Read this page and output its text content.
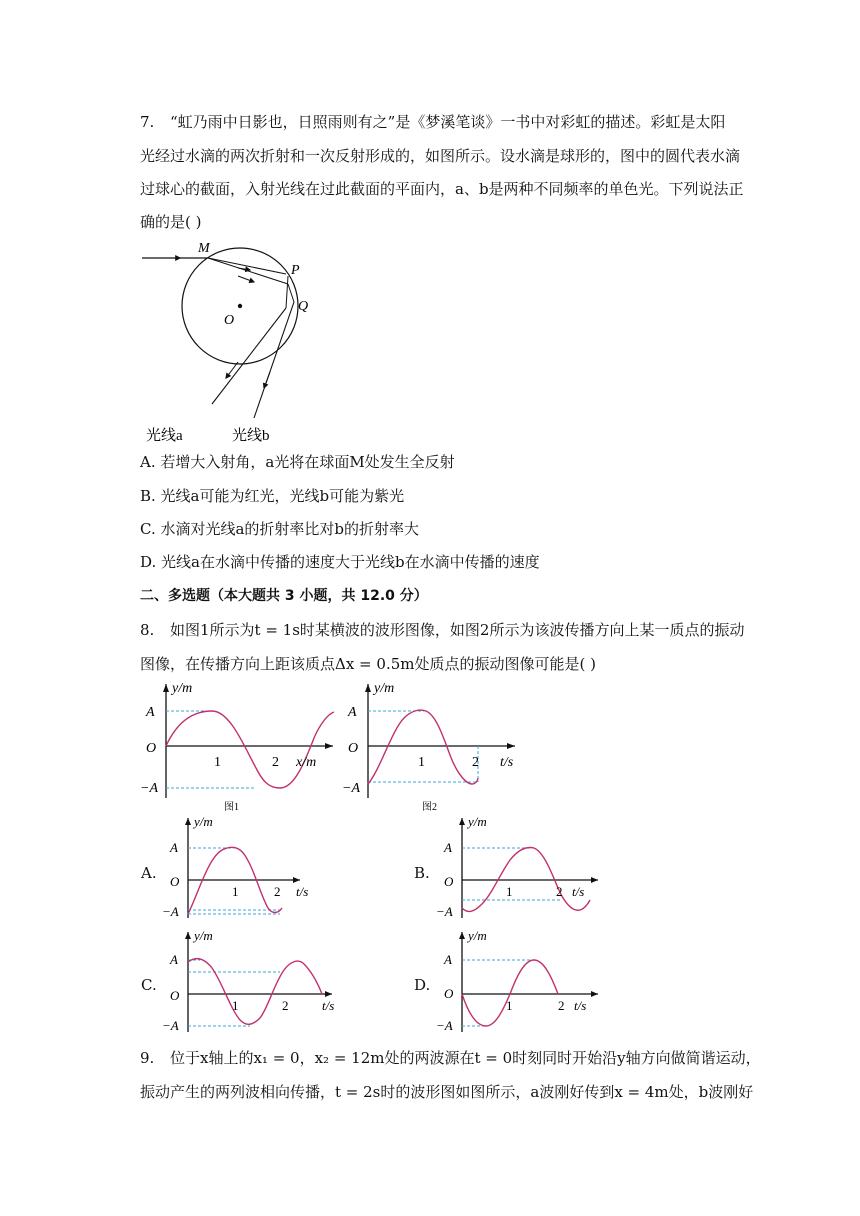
7. “虹乃雨中日影也，日照雨则有之”是《梦溪笔谈》一书中对彩虹的描述。彩虹是太阳
光经过水滴的两次折射和一次反射形成的，如图所示。设水滴是球形的，图中的圆代表水滴
过球心的截面，入射光线在过此截面的平面内，a、b是两种不同频率的单色光。下列说法正
确的是( )
M
P
Q
O
光线a	光线b
A. 若增大入射角，a光将在球面M处发生全反射
B. 光线a可能为红光，光线b可能为紫光
C. 水滴对光线a的折射率比对b的折射率大
D. 光线a在水滴中传播的速度大于光线b在水滴中传播的速度
二、多选题（本大题共 3 小题，共 12.0 分）
8. 如图1所示为t = 1s时某横波的波形图像，如图2所示为该波传播方向上某一质点的振动
图像，在传播方向上距该质点Δx = 0.5m处质点的振动图像可能是( )
y/m
A
O
−A
1	2 x/m
图1
y/m
A
O
−A
1	2 t/s
图2
A.
y/m
A
O
−A
1	2 t/s
B.
y/m
A
O
−A
1	2 t/s
C.
y/m
A
O
−A
1	2	t/s
D.
y/m
A
O
−A
1	2 t/s
9. 位于x轴上的x₁ = 0，x₂ = 12m处的两波源在t = 0时刻同时开始沿y轴方向做简谐运动，
振动产生的两列波相向传播，t = 2s时的波形图如图所示，a波刚好传到x = 4m处，b波刚好
